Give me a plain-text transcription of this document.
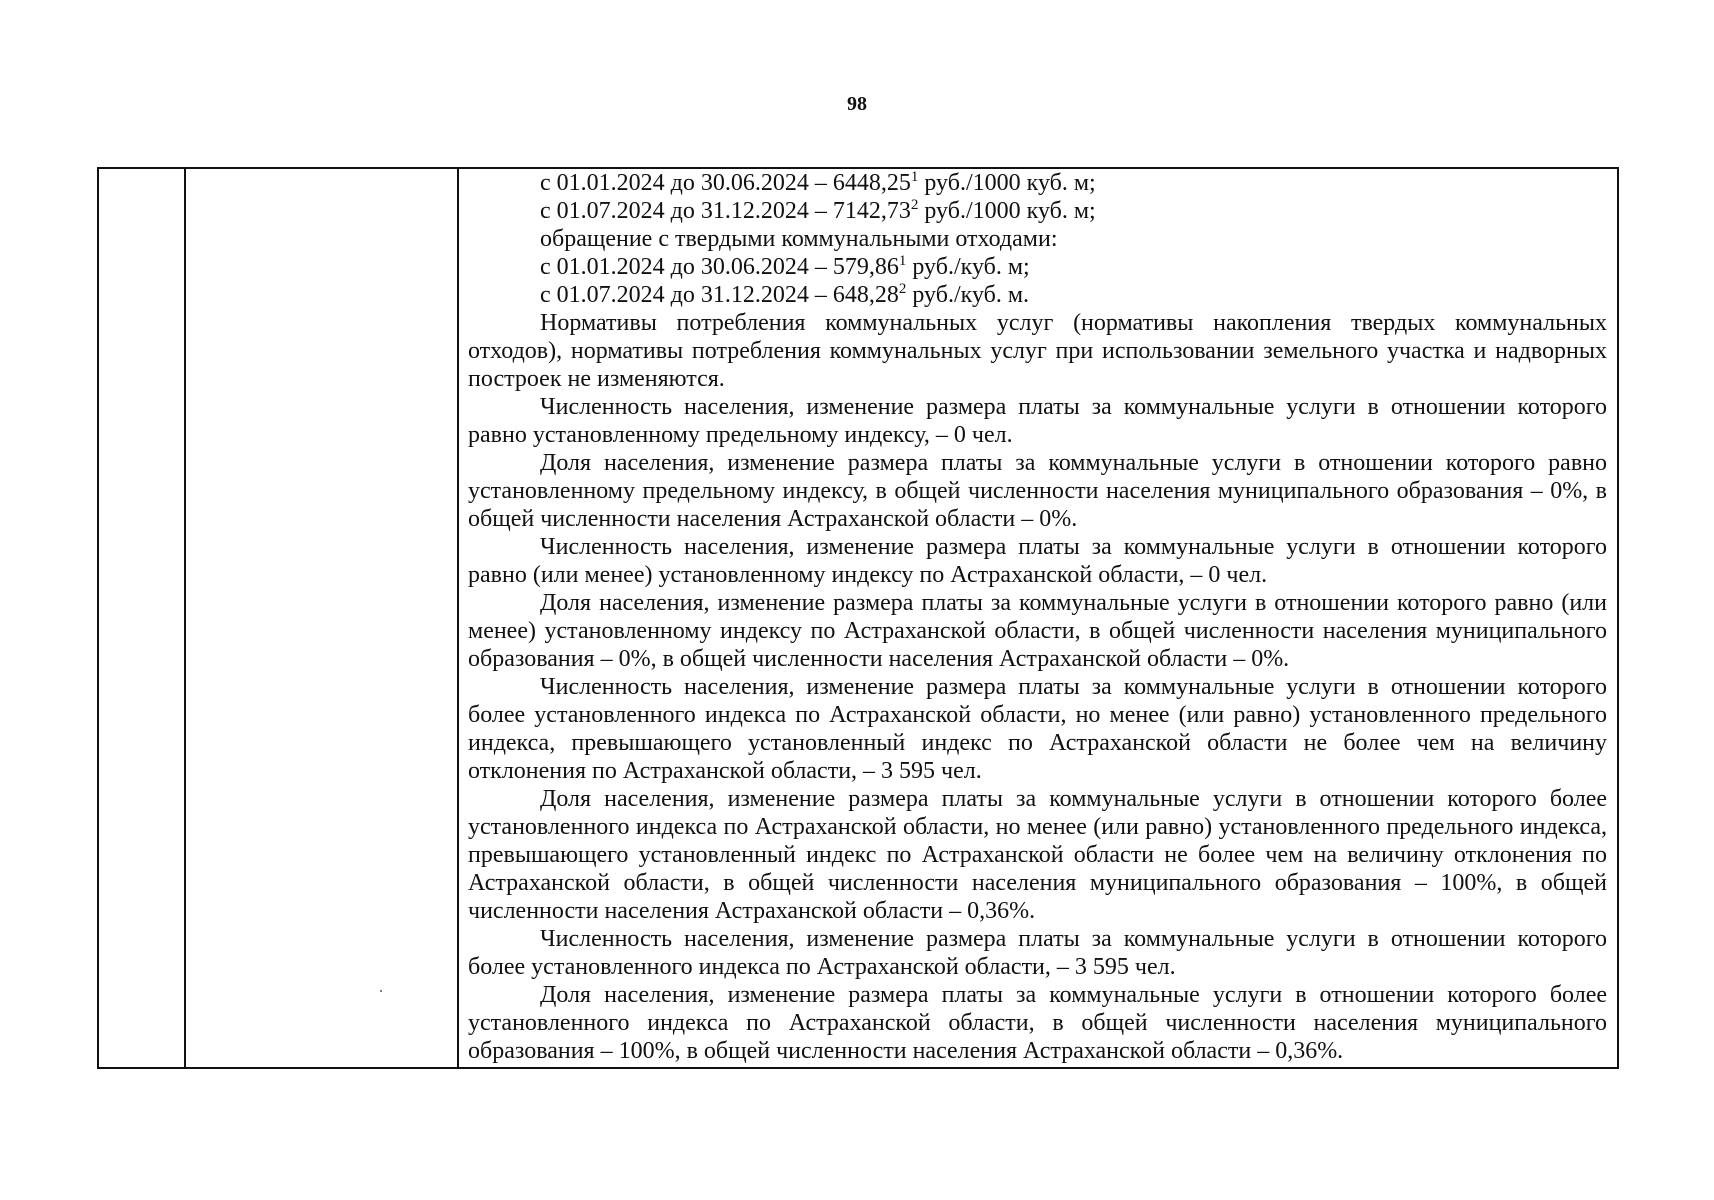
98
с 01.01.2024 до 30.06.2024 – 6448,25$^1$ руб./1000 куб. м;
с 01.07.2024 до 31.12.2024 – 7142,73$^2$ руб./1000 куб. м;
обращение с твердыми коммунальными отходами:
с 01.01.2024 до 30.06.2024 – 579,86$^1$ руб./куб. м;
с 01.07.2024 до 31.12.2024 – 648,28$^2$ руб./куб. м.

Нормативы потребления коммунальных услуг (нормативы накопления твердых коммунальных отходов), нормативы потребления коммунальных услуг при использовании земельного участка и надворных построек не изменяются.

Численность населения, изменение размера платы за коммунальные услуги в отношении которого равно установленному предельному индексу, – 0 чел.

Доля населения, изменение размера платы за коммунальные услуги в отношении которого равно установленному предельному индексу, в общей численности населения муниципального образования – 0%, в общей численности населения Астраханской области – 0%.

Численность населения, изменение размера платы за коммунальные услуги в отношении которого равно (или менее) установленному индексу по Астраханской области, – 0 чел.

Доля населения, изменение размера платы за коммунальные услуги в отношении которого равно (или менее) установленному индексу по Астраханской области, в общей численности населения муниципального образования – 0%, в общей численности населения Астраханской области – 0%.

Численность населения, изменение размера платы за коммунальные услуги в отношении которого более установленного индекса по Астраханской области, но менее (или равно) установленного предельного индекса, превышающего установленный индекс по Астраханской области не более чем на величину отклонения по Астраханской области, – 3 595 чел.

Доля населения, изменение размера платы за коммунальные услуги в отношении которого более установленного индекса по Астраханской области, но менее (или равно) установленного предельного индекса, превышающего установленный индекс по Астраханской области не более чем на величину отклонения по Астраханской области, в общей численности населения муниципального образования – 100%, в общей численности населения Астраханской области – 0,36%.

Численность населения, изменение размера платы за коммунальные услуги в отношении которого более установленного индекса по Астраханской области, – 3 595 чел.

Доля населения, изменение размера платы за коммунальные услуги в отношении которого более установленного индекса по Астраханской области, в общей численности населения муниципального образования – 100%, в общей численности населения Астраханской области – 0,36%.
